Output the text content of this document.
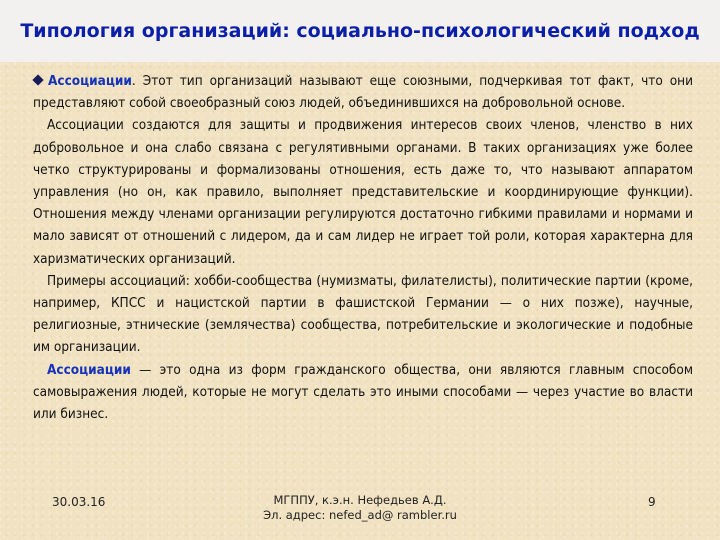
Типология организаций: социально-психологический подход

Ассоциации. Этот тип организаций называют еще союзными, подчеркивая тот факт, что они представляют собой своеобразный союз людей, объединившихся на добровольной основе.

Ассоциации создаются для защиты и продвижения интересов своих членов, членство в них добровольное и она слабо связана с регулятивными органами. В таких организациях уже более четко структурированы и формализованы отношения, есть даже то, что называют аппаратом управления (но он, как правило, выполняет представительские и координирующие функции). Отношения между членами организации регулируются достаточно гибкими правилами и нормами и мало зависят от отношений с лидером, да и сам лидер не играет той роли, которая характерна для харизматических организаций.

Примеры ассоциаций: хобби-сообщества (нумизматы, филателисты), политические партии (кроме, например, КПСС и нацистской партии в фашистской Германии — о них позже), научные, религиозные, этнические (землячества) сообщества, потребительские и экологические и подобные им организации.

Ассоциации — это одна из форм гражданского общества, они являются главным способом самовыражения людей, которые не могут сделать это иными способами — через участие во власти или бизнес.

30.03.16	МГППУ, к.э.н. Нефедьев А.Д.
Эл. адрес: nefed_ad@ rambler.ru
9
